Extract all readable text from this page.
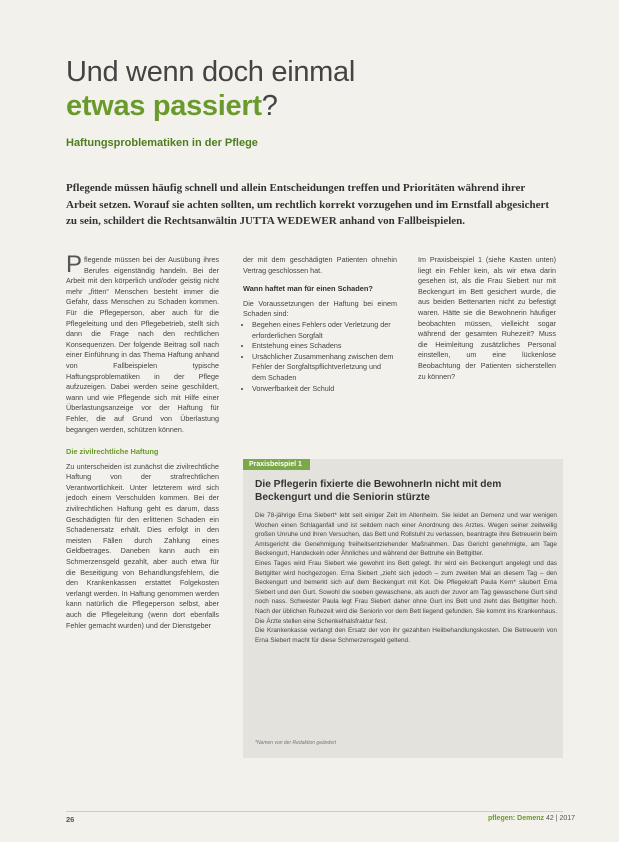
Und wenn doch einmal
etwas passiert?
Haftungsproblematiken in der Pflege
Pflegende müssen häufig schnell und allein Entscheidungen treffen und Prioritäten während ihrer Arbeit setzen. Worauf sie achten sollten, um rechtlich korrekt vorzugehen und im Ernstfall abgesichert zu sein, schildert die Rechtsanwältin JUTTA WEDEWER anhand von Fallbeispielen.

Pflegende müssen bei der Ausübung ihres Berufes eigenständig handeln. Bei der Arbeit mit den körperlich und/oder geistig nicht mehr „fitten“ Menschen besteht immer die Gefahr, dass Menschen zu Schaden kommen. Für die Pflegeperson, aber auch für die Pflegeleitung und den Pflegebetrieb, stellt sich dann die Frage nach den rechtlichen Konsequenzen. Der folgende Beitrag soll nach einer Einführung in das Thema Haftung anhand von Fallbeispielen typische Haftungsproblematiken in der Pflege aufzuzeigen. Dabei werden seine geschildert, wann und wie Pflegende sich mit Hilfe einer Überlastungsanzeige vor der Haftung für Fehler, die auf Grund von Überlastung begangen werden, schützen können.

Die zivilrechtliche Haftung

Zu unterscheiden ist zunächst die zivilrechtliche Haftung von der strafrechtlichen Verantwortlichkeit. Unter letzterem wird sich jedoch einem Verschulden kommen. Bei der zivilrechtlichen Haftung geht es darum, dass Geschädigten für den erlittenen Schaden ein Schadenersatz erhält. Dies erfolgt in den meisten Fällen durch Zahlung eines Geldbetrages. Daneben kann auch ein Schmerzensgeld gezahlt, aber auch etwa für die Beseitigung von Behandlungsfehlern, die den Krankenkassen erstattet Folgekosten verlangt werden. In Haftung genommen werden kann natürlich die Pflegeperson selbst, aber auch die Pflegeleitung (wenn dort ebenfalls Fehler gemacht wurden) und der Dienstgeber

der mit dem geschädigten Patienten ohnehin Vertrag geschlossen hat.

Wann haftet man für einen Schaden?

Die Voraussetzungen der Haftung bei einem Schaden sind:

• Begehen eines Fehlers oder Verletzung der erforderlichen Sorgfalt
• Entstehung eines Schadens
• Ursächlicher Zusammenhang zwischen dem Fehler der Sorgfaltspflichtverletzung und dem Schaden
• Vorwerfbarkeit der Schuld

Im Praxisbeispiel 1 (siehe Kasten unten) liegt ein Fehler kein, als wir etwa darin gesehen ist, als die Frau Siebert nur mit Beckengurt im Bett gesichert wurde, die aus beiden Bettenarten nicht zu befestigt waren. Hätte sie die Bewohnerin häufiger beobachten müssen, vielleicht sogar während der gesamten Ruhezeit? Muss die Heimleitung zusätzliches Personal einstellen, um eine lückenlose Beobachtung der Patienten sicherstellen zu können?

Praxisbeispiel 1
Die Pflegerin fixierte die BewohnerIn nicht mit dem Beckengurt und die Seniorin stürzte

Die 78-jährige Erna Siebert* lebt seit einiger Zeit im Altenheim. Sie leidet an Demenz und war wenigen Wochen einen Schlaganfall und ist seitdem nach einer Anordnung des Arztes. Wegen seiner zeitweilig großen Unruhe und ihren Versuchen, das Bett und Rollstuhl zu verlassen, beantragte ihre Betreuerin beim Amtsgericht die Genehmigung freiheitsentziehender Maßnahmen. Das Gericht genehmigte, am Tage Beckengurt, Handeckeln oder Ähnliches und während der Bettruhe ein Bettgitter.

Eines Tages wird Frau Siebert wie gewohnt ins Bett gelegt. Ihr wird ein Beckengurt angelegt und das Bettgitter wird hochgezogen. Erna Siebert „zieht sich jedoch – zum zweiten Mal an diesem Tag – den Beckengurt und bemerkt sich auf dem Beckengurt mit Kot. Die Pflegekraft Paula Kern* säubert Erna Siebert und den Gurt. Sowohl die soeben gewaschene, als auch der zuvor am Tag gewaschene Gurt sind noch nass. Schwester Paula legt Frau Siebert daher ohne Gurt ins Bett und zieht das Bettgitter hoch. Nach der üblichen Ruhezeit wird die Seniorin vor dem Bett liegend gefunden. Sie kommt ins Krankenhaus. Die Ärzte stellen eine Schenkelhalsfraktur fest.

Die Krankenkasse verlangt den Ersatz der von ihr gezahlten Heilbehandlungskosten. Die Betreuerin von Erna Siebert macht für diese Schmerzensgeld geltend.

*Namen von der Redaktion geändert
26	pflegen: Demenz 42 | 2017
